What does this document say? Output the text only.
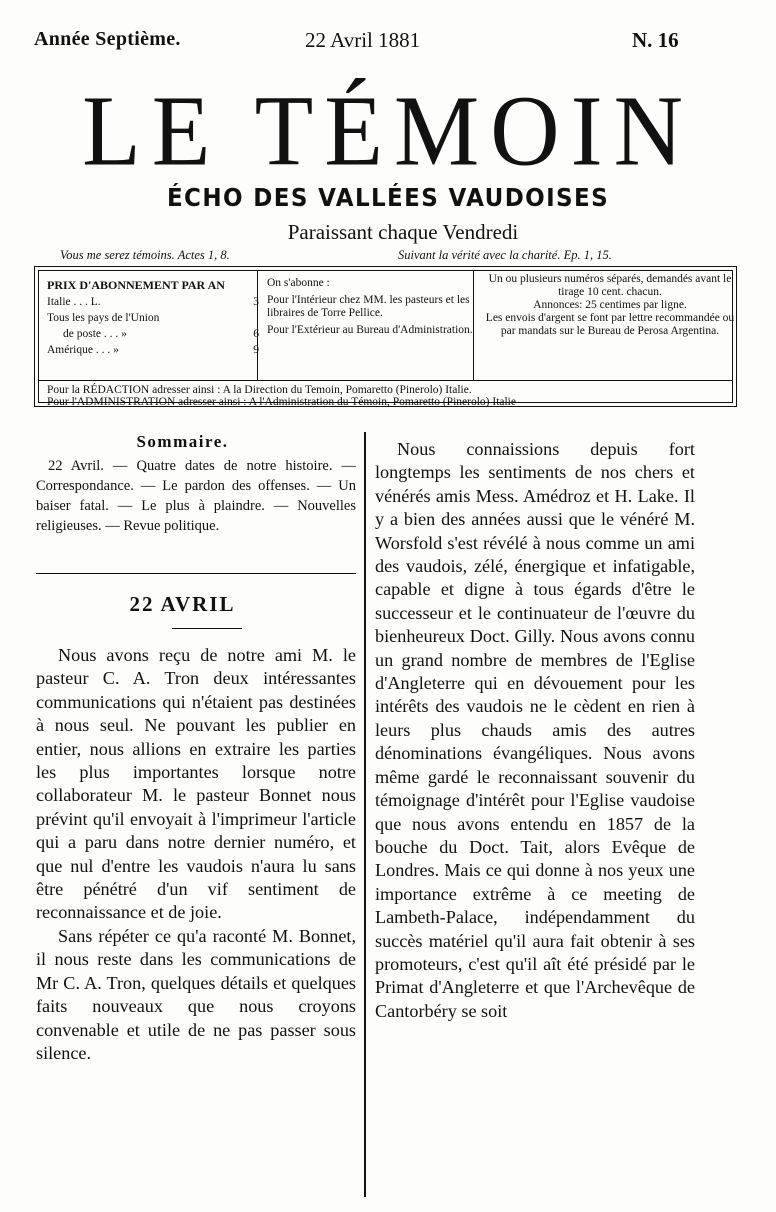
Année Septième.	22 Avril 1881	N. 16
LE TÉMOIN
ÉCHO DES VALLÉES VAUDOISES
Paraissant chaque Vendredi
Vous me serez témoins. Actes 1, 8.	Suivant la vérité avec la charité. Ep. 1, 15.
PRIX D'ABONNEMENT PAR AN
Italie . . . L.	3
Tous les pays de l'Union
de poste . . . »	6
Amérique . . . »	9
On s'abonne :
Pour l'Intérieur chez MM. les pasteurs et les libraires de Torre Pellice.
Pour l'Extérieur au Bureau d'Administration.
Un ou plusieurs numéros séparés, demandés avant le tirage 10 cent. chacun.
Annonces: 25 centimes par ligne.
Les envois d'argent se font par lettre recommandée ou par mandats sur le Bureau de Perosa Argentina.
Pour la RÉDACTION adresser ainsi : A la Direction du Temoin, Pomaretto (Pinerolo) Italie.
Pour l'ADMINISTRATION adresser ainsi : A l'Administration du Témoin, Pomaretto (Pinerolo) Italie
Sommaire.

22 Avril. — Quatre dates de notre histoire. — Correspondance. — Le pardon des offenses. — Un baiser fatal. — Le plus à plaindre. — Nouvelles religieuses. — Revue politique.

22 AVRIL

Nous avons reçu de notre ami M. le pasteur C. A. Tron deux intéressantes communications qui n'étaient pas destinées à nous seul. Ne pouvant les publier en entier, nous allions en extraire les parties les plus importantes lorsque notre collaborateur M. le pasteur Bonnet nous prévint qu'il envoyait à l'imprimeur l'article qui a paru dans notre dernier numéro, et que nul d'entre les vaudois n'aura lu sans être pénétré d'un vif sentiment de reconnaissance et de joie.

Sans répéter ce qu'a raconté M. Bonnet, il nous reste dans les communications de Mr C. A. Tron, quelques détails et quelques faits nouveaux que nous croyons convenable et utile de ne pas passer sous silence.

Nous connaissions depuis fort longtemps les sentiments de nos chers et vénérés amis Mess. Amédroz et H. Lake. Il y a bien des années aussi que le vénéré M. Worsfold s'est révélé à nous comme un ami des vaudois, zélé, énergique et infatigable, capable et digne à tous égards d'être le successeur et le continuateur de l'œuvre du bienheureux Doct. Gilly. Nous avons connu un grand nombre de membres de l'Eglise d'Angleterre qui en dévouement pour les intérêts des vaudois ne le cèdent en rien à leurs plus chauds amis des autres dénominations évangéliques. Nous avons même gardé le reconnaissant souvenir du témoignage d'intérêt pour l'Eglise vaudoise que nous avons entendu en 1857 de la bouche du Doct. Tait, alors Evêque de Londres. Mais ce qui donne à nos yeux une importance extrême à ce meeting de Lambeth-Palace, indépendamment du succès matériel qu'il aura fait obtenir à ses promoteurs, c'est qu'il aît été présidé par le Primat d'Angleterre et que l'Archevêque de Cantorbéry se soit
